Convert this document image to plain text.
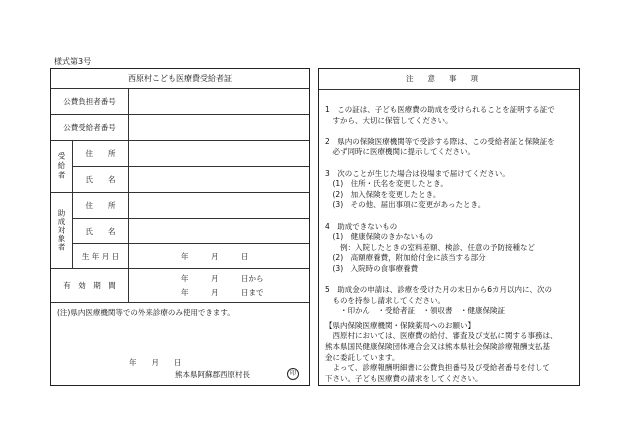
様式第3号
西原村こども医療費受給者証
公費負担者番号
公費受給者番号
受給者	住　　所
氏　　名
助成対象者
住　　所
氏　　名
生 年 月 日	年　　　月　　　日
有　効　期　間
年　　　月　　　日から
年　　　月　　　日まで
(注)県内医療機関等での外来診療のみ使用できます。
年　　月　　日
熊本県阿蘇郡西原村長	印
注意事項
1　この証は、子ども医療費の助成を受けられることを証明する証で
　すから、大切に保管してください。
2　県内の保険医療機関等で受診する際は、この受給者証と保険証を
　必ず同時に医療機関に提示してください。
3　次のことが生じた場合は役場まで届けてください。
　(1)　住所・氏名を変更したとき。
　(2)　加入保険を変更したとき。
　(3)　その他、届出事項に変更があったとき。
4　助成できないもの
　(1)　健康保険のきかないもの
　　例：入院したときの室料差額、検診、任意の予防接種など
　(2)　高額療養費，附加給付金に該当する部分
　(3)　入院時の食事療養費
5　助成金の申請は、診療を受けた月の末日から6カ月以内に、次の
　ものを持参し請求してください。
　　・印かん　・受給者証　・領収書　・健康保険証
【県内保険医療機関・保険薬局へのお願い】
　西原村においては、医療費の給付、審査及び支払に関する事務は、
熊本県国民健康保険団体連合会又は熊本県社会保険診療報酬支払基
金に委託しています。
　よって、診療報酬明細書に公費負担番号及び受給者番号を付して
下さい。子ども医療費の請求をしてください。
